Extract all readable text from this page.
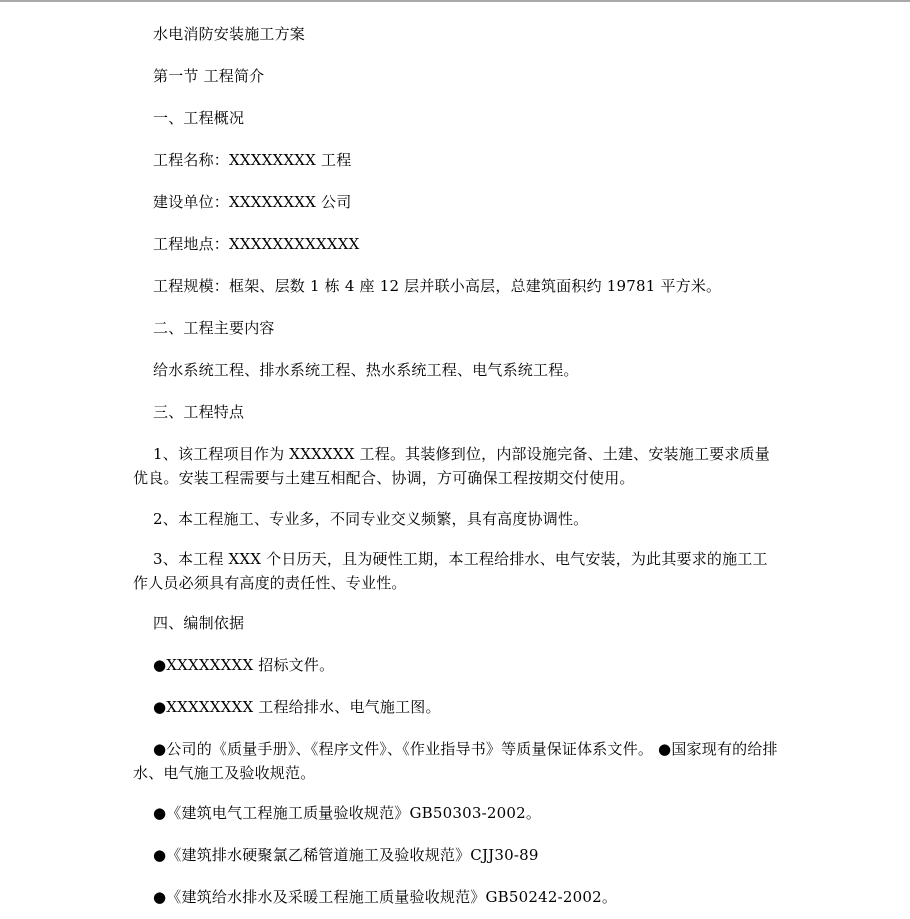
水电消防安装施工方案

第一节 工程简介

一、工程概况

工程名称：XXXXXXXX 工程

建设单位：XXXXXXXX 公司

工程地点：XXXXXXXXXXXX

工程规模：框架、层数 1 栋 4 座 12 层并联小高层，总建筑面积约 19781 平方米。

二、工程主要内容

给水系统工程、排水系统工程、热水系统工程、电气系统工程。

三、工程特点

1、该工程项目作为 XXXXXX 工程。其装修到位，内部设施完备、土建、安装施工要求质量优良。安装工程需要与土建互相配合、协调，方可确保工程按期交付使用。

2、本工程施工、专业多，不同专业交义频繁，具有高度协调性。

3、本工程 XXX 个日历天，且为硬性工期，本工程给排水、电气安装，为此其要求的施工工作人员必须具有高度的责任性、专业性。

四、编制依据

●XXXXXXXX 招标文件。

●XXXXXXXX 工程给排水、电气施工图。

●公司的《质量手册》、《程序文件》、《作业指导书》等质量保证体系文件。 ●国家现有的给排水、电气施工及验收规范。

●《建筑电气工程施工质量验收规范》GB50303-2002。

●《建筑排水硬聚氯乙稀管道施工及验收规范》CJJ30-89

●《建筑给水排水及采暖工程施工质量验收规范》GB50242-2002。
